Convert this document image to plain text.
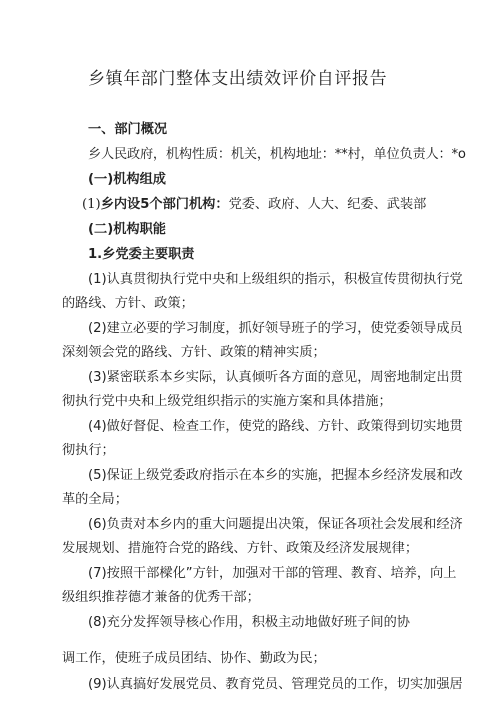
乡镇年部门整体支出绩效评价自评报告
一、部门概况
乡人民政府，机构性质：机关，机构地址：**村，单位负责人：*o
(一)机构组成
(1)乡内设5个部门机构：党委、政府、人大、纪委、武装部
(二)机构职能
1.乡党委主要职责
(1)认真贯彻执行党中央和上级组织的指示，积极宣传贯彻执行党
的路线、方针、政策；
(2)建立必要的学习制度，抓好领导班子的学习，使党委领导成员
深刻领会党的路线、方针、政策的精神实质；
(3)紧密联系本乡实际，认真倾听各方面的意见，周密地制定出贯
彻执行党中央和上级党组织指示的实施方案和具体措施；
(4)做好督促、检查工作，使党的路线、方针、政策得到切实地贯
彻执行；
(5)保证上级党委政府指示在本乡的实施，把握本乡经济发展和改
革的全局；
(6)负责对本乡内的重大问题提出决策，保证各项社会发展和经济
发展规划、措施符合党的路线、方针、政策及经济发展规律；
(7)按照干部樑化”方针，加强对干部的管理、教育、培养，向上
级组织推荐德才兼备的优秀干部；
(8)充分发挥领导核心作用，积极主动地做好班子间的协
调工作，使班子成员团结、协作、勤政为民；
(9)认真搞好发展党员、教育党员、管理党员的工作，切实加强居
